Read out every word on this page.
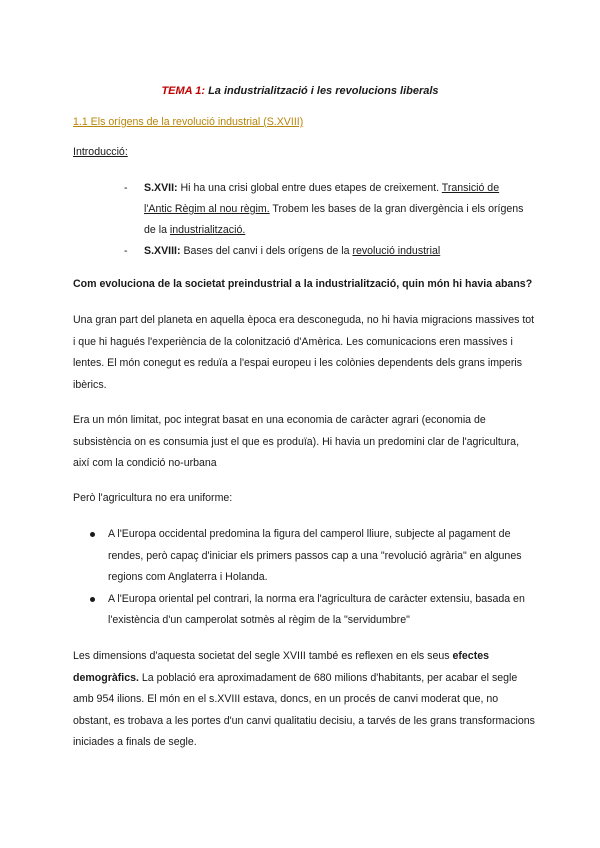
TEMA 1: La industrialització i les revolucions liberals
1.1 Els orígens de la revolució industrial (S.XVIII)
Introducció:
- S.XVII: Hi ha una crisi global entre dues etapes de creixement. Transició de l'Antic Règim al nou règim. Trobem les bases de la gran divergència i els orígens de la industrialització.
- S.XVIII: Bases del canvi i dels orígens de la revolució industrial
Com evoluciona de la societat preindustrial a la industrialització, quin món hi havia abans?

Una gran part del planeta en aquella època era desconeguda, no hi havia migracions massives tot i que hi hagués l'experiència de la colonització d'Amèrica. Les comunicacions eren massives i lentes. El món conegut es reduïa a l'espai europeu i les colònies dependents dels grans imperis ibèrics.

Era un món limitat, poc integrat basat en una economia de caràcter agrari (economia de subsistència on es consumia just el que es produïa). Hi havia un predomini clar de l'agricultura, així com la condició no-urbana

Però l'agricultura no era uniforme:

A l'Europa occidental predomina la figura del camperol lliure, subjecte al pagament de rendes, però capaç d'iniciar els primers passos cap a una "revolució agrària" en algunes regions com Anglaterra i Holanda.
A l'Europa oriental pel contrari, la norma era l'agricultura de caràcter extensiu, basada en l'existència d'un camperolat sotmès al règim de la "servidumbre"

Les dimensions d'aquesta societat del segle XVIII també es reflexen en els seus efectes demogràfics. La població era aproximadament de 680 milions d'habitants, per acabar el segle amb 954 ilions. El món en el s.XVIII estava, doncs, en un procés de canvi moderat que, no obstant, es trobava a les portes d'un canvi qualitatiu decisiu, a tarvés de les grans transformacions iniciades a finals de segle.
